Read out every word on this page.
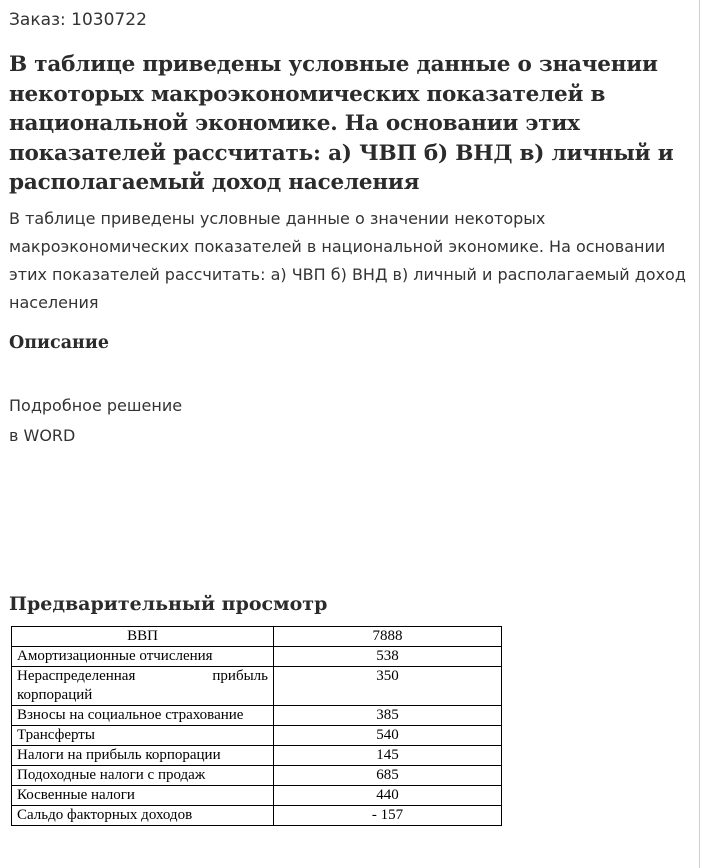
Заказ: 1030722
В таблице приведены условные данные о значении некоторых макроэкономических показателей в национальной экономике. На основании этих показателей рассчитать: а) ЧВП б) ВНД в) личный и располагаемый доход населения

В таблице приведены условные данные о значении некоторых макроэкономических показателей в национальной экономике. На основании этих показателей рассчитать: а) ЧВП б) ВНД в) личный и располагаемый доход населения

Описание
Подробное решение
в WORD
Предварительный просмотр
ВВП	7888
Амортизационные отчисления	538
Нераспределенная прибыль корпораций	350
Взносы на социальное страхование	385
Трансферты	540
Налоги на прибыль корпорации	145
Подоходные налоги с продаж	685
Косвенные налоги	440
Сальдо факторных доходов	- 157
